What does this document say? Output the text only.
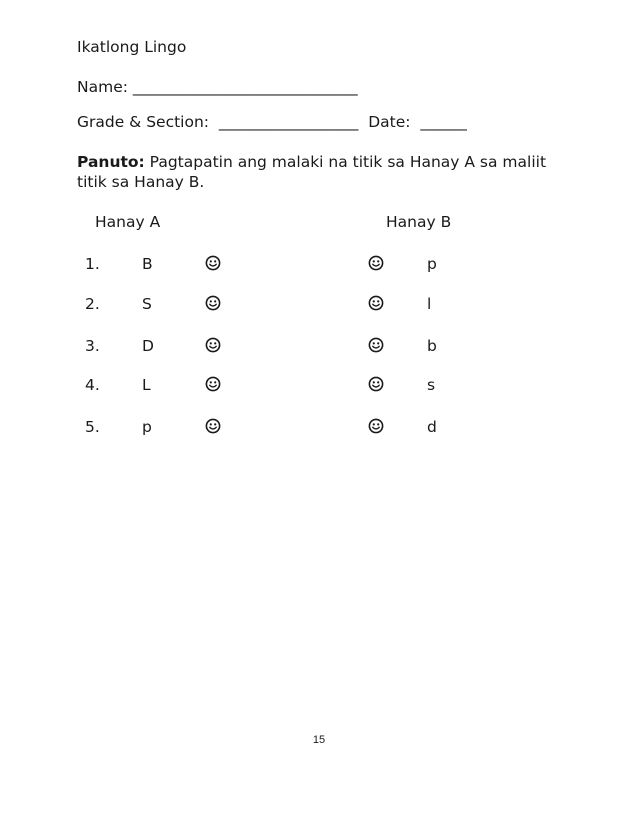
Ikatlong Lingo
Name: _____________________________
Grade & Section: __________________ Date: ______
Panuto: Pagtapatin ang malaki na titik sa Hanay A sa maliit titik sa Hanay B.
Hanay A	Hanay B
1.	B	p
2.	S	l
3.	D	b
4.	L	s
5.	p	d
15
